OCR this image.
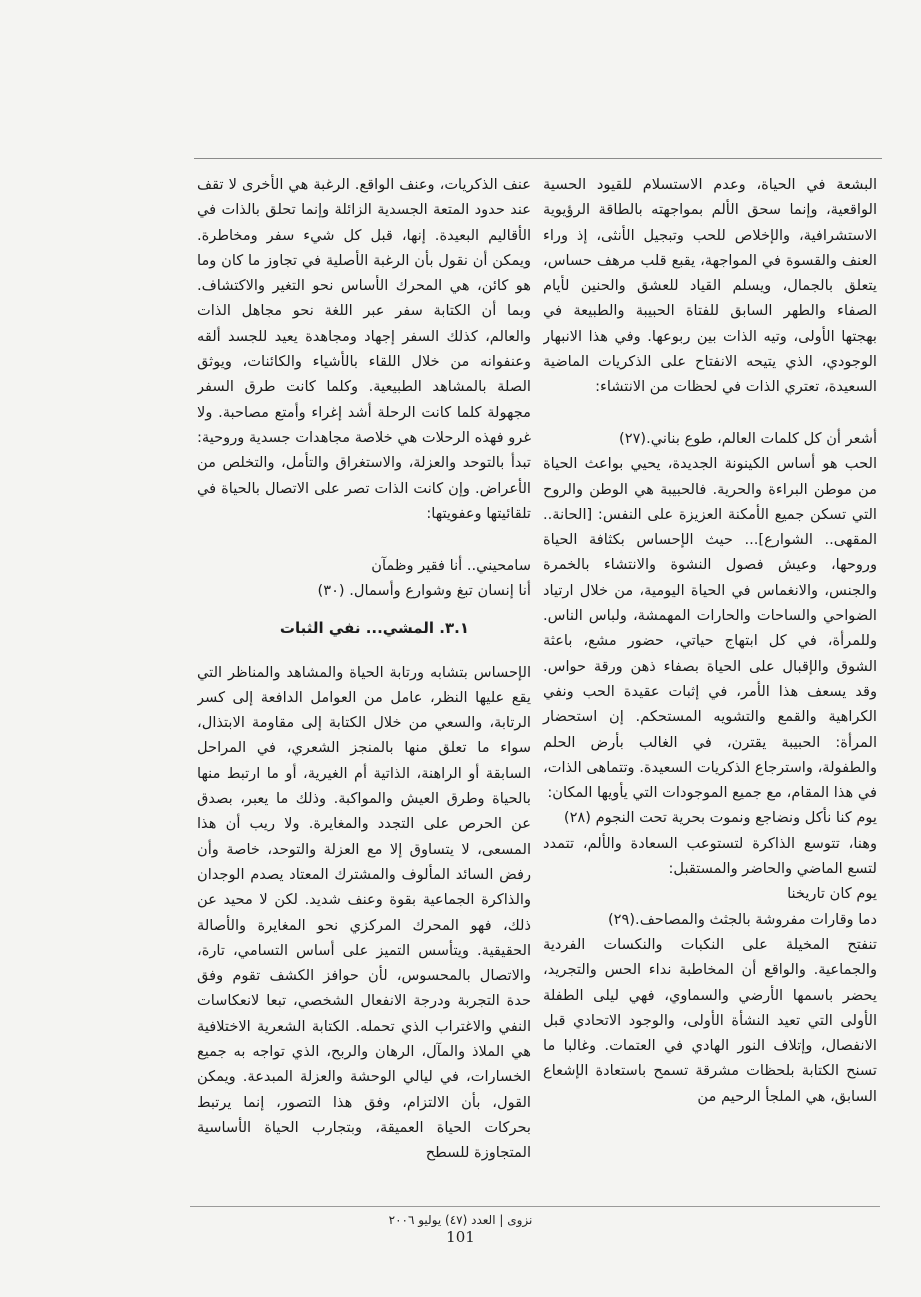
البشعة في الحياة، وعدم الاستسلام للقيود الحسية الواقعية، وإنما سحق الألم بمواجهته بالطاقة الرؤيوية الاستشرافية، والإخلاص للحب وتبجيل الأنثى، إذ وراء العنف والقسوة في المواجهة، يقبع قلب مرهف حساس، يتعلق بالجمال، ويسلم القياد للعشق والحنين لأيام الصفاء والطهر السابق للفتاة الحبيبة والطبيعة في بهجتها الأولى، وتيه الذات بين ربوعها. وفي هذا الانبهار الوجودي، الذي يتيحه الانفتاح على الذكريات الماضية السعيدة، تعتري الذات في لحظات من الانتشاء:

أشعر أن كل كلمات العالم، طوع بناني.(٢٧)

الحب هو أساس الكينونة الجديدة، يحيي بواعث الحياة من موطن البراءة والحرية. فالحبيبة هي الوطن والروح التي تسكن جميع الأمكنة العزيزة على النفس: [الحانة.. المقهى.. الشوارع]... حيث الإحساس بكثافة الحياة وروحها، وعيش فصول النشوة والانتشاء بالخمرة والجنس، والانغماس في الحياة اليومية، من خلال ارتياد الضواحي والساحات والحارات المهمشة، ولباس الناس. وللمرأة، في كل ابتهاج حياتي، حضور مشع، باعثة الشوق والإقبال على الحياة بصفاء ذهن ورقة حواس. وقد يسعف هذا الأمر، في إثبات عقيدة الحب ونفي الكراهية والقمع والتشويه المستحكم. إن استحضار المرأة: الحبيبة يقترن، في الغالب بأرض الحلم والطفولة، واسترجاع الذكريات السعيدة. وتتماهى الذات، في هذا المقام، مع جميع الموجودات التي يأويها المكان:

يوم كنا نأكل ونضاجع ونموت بحرية تحت النجوم (٢٨)

وهنا، تتوسع الذاكرة لتستوعب السعادة والألم، تتمدد لتسع الماضي والحاضر والمستقبل:

يوم كان تاريخنا

دما وقارات مفروشة بالجثث والمصاحف.(٢٩)

تنفتح المخيلة على النكبات والنكسات الفردية والجماعية. والواقع أن المخاطبة نداء الحس والتجريد، يحضر باسمها الأرضي والسماوي، فهي ليلى الطفلة الأولى التي تعيد النشأة الأولى، والوجود الاتحادي قبل الانفصال، وإتلاف النور الهادي في العتمات. وغالبا ما تسنح الكتابة بلحظات مشرقة تسمح باستعادة الإشعاع السابق، هي الملجأ الرحيم من

عنف الذكريات، وعنف الواقع. الرغبة هي الأخرى لا تقف عند حدود المتعة الجسدية الزائلة وإنما تحلق بالذات في الأقاليم البعيدة. إنها، قبل كل شيء سفر ومخاطرة. ويمكن أن نقول بأن الرغبة الأصلية في تجاوز ما كان وما هو كائن، هي المحرك الأساس نحو التغير والاكتشاف. وبما أن الكتابة سفر عبر اللغة نحو مجاهل الذات والعالم، كذلك السفر إجهاد ومجاهدة يعيد للجسد ألقه وعنفوانه من خلال اللقاء بالأشياء والكائنات، ويوثق الصلة بالمشاهد الطبيعية. وكلما كانت طرق السفر مجهولة كلما كانت الرحلة أشد إغراء وأمتع مصاحبة. ولا غرو فهذه الرحلات هي خلاصة مجاهدات جسدية وروحية: تبدأ بالتوحد والعزلة، والاستغراق والتأمل، والتخلص من الأعراض. وإن كانت الذات تصر على الاتصال بالحياة في تلقائيتها وعفويتها:

سامحيني.. أنا فقير وظمآن

أنا إنسان تبغ وشوارع وأسمال. (٣٠)

٣.١. المشي... نفي الثبات

الإحساس بتشابه ورتابة الحياة والمشاهد والمناظر التي يقع عليها النظر، عامل من العوامل الدافعة إلى كسر الرتابة، والسعي من خلال الكتابة إلى مقاومة الابتذال، سواء ما تعلق منها بالمنجز الشعري، في المراحل السابقة أو الراهنة، الذاتية أم الغيرية، أو ما ارتبط منها بالحياة وطرق العيش والمواكبة. وذلك ما يعبر، بصدق عن الحرص على التجدد والمغايرة. ولا ريب أن هذا المسعى، لا يتساوق إلا مع العزلة والتوحد، خاصة وأن رفض السائد المألوف والمشترك المعتاد يصدم الوجدان والذاكرة الجماعية بقوة وعنف شديد. لكن لا محيد عن ذلك، فهو المحرك المركزي نحو المغايرة والأصالة الحقيقية. ويتأسس التميز على أساس التسامي، تارة، والاتصال بالمحسوس، لأن حوافز الكشف تقوم وفق حدة التجربة ودرجة الانفعال الشخصي، تبعا لانعكاسات النفي والاغتراب الذي تحمله. الكتابة الشعرية الاختلافية هي الملاذ والمآل، الرهان والربح، الذي تواجه به جميع الخسارات، في ليالي الوحشة والعزلة المبدعة. ويمكن القول، بأن الالتزام، وفق هذا التصور، إنما يرتبط بحركات الحياة العميقة، وبتجارب الحياة الأساسية المتجاوزة للسطح

نزوى | العدد (٤٧) يوليو ٢٠٠٦
101
